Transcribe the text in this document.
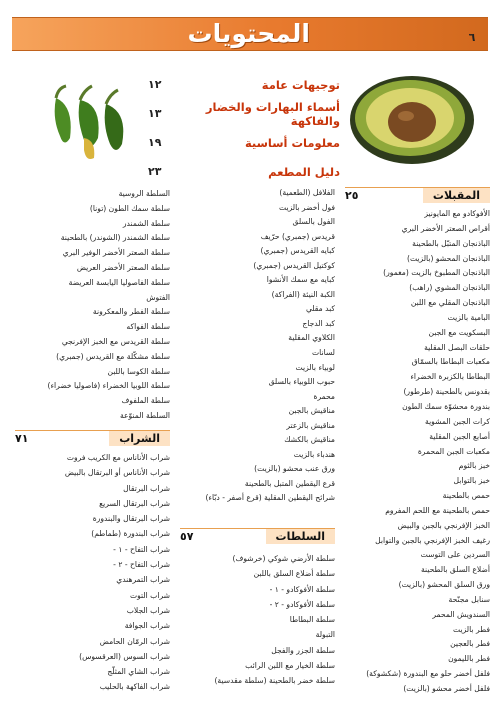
المحتويات	٦
توجيهات عامة
١٢
أسماء البهارات والخضار والفاكهة
١٣
معلومات أساسية
١٩
دليل المطعم
٢٣
المقبلات
٢٥
السلطات
٥٧
الشراب
٧١
الأفوكادو مع المايونيز
أقراص الصعتر الأخضر البري
الباذنجان المتبّل بالطحينة
الباذنجان المحشو (بالزيت)
الباذنجان المطبوخ بالزيت (مغمور)
الباذنجان المشوي (راهب)
الباذنجان المقلي مع اللبن
البامية بالزيت
البسكويت مع الجبن
حلقات البصل المقلية
مكعبات البطاطا بالسمّاق
البطاطا بالكزبرة الخضراء
بقدونس بالطحينة (طرطور)
بندورة محشوّة سمك الطون
كرات الجبن المشوية
أصابع الجبن المقلية
مكعبات الجبن المحمرة
خبز بالثوم
خبز بالتوابل
حمص بالطحينة
حمص بالطحينة مع اللحم المفروم
الخبز الإفرنجي بالجبن والبيض
رغيف الخبز الإفرنجي بالجبن والتوابل
السردين على التوست
أضلاع السلق بالطحينة
ورق السلق المحشو (بالزيت)
سنابل مجنّحة
السندويش المحمر
فطر بالزيت
فطر بالعجين
فطر بالليمون
فلفل أخضر حلو مع البندورة (شكشوكة)
فلفل أخضر محشو (بالزيت)
الفلافل (الطعمية)
فول أخضر بالزيت
الفول بالسلق
قريدس (جمبري) حرّيف
كبايه القريدس (جمبري)
كوكتيل القريدس (جمبري)
كبايه مع سمك الأنشوا
الكبة النيئة (الفراكة)
كبد مقلي
كبد الدجاج
الكلاوي المقلية
لسانات
لوبياء بالزيت
حبوب اللوبياء بالسلق
محمرة
مناقيش بالجبن
مناقيش بالزعتر
مناقيش بالكشك
هندباء بالزيت
ورق عنب محشو (بالزيت)
قرع اليقطين المتبل بالطحينة
شرائح اليقطين المقلية (قرع أصفر - دبّاء)
سلطة الأرضي شوكي (خرشوف)
سلطة أضلاع السلق باللبن
سلطة الأفوكادو - ١ -
سلطة الأفوكادو - ٢ -
سلطة البطاطا
التبولة
سلطة الجزر والفجل
سلطة الخيار مع اللبن الرائب
سلطة خضر بالطحينة (سلطة مقدسية)
السلطة الروسية
سلطة سمك الطون (تونا)
سلطة الشمندر
سلطة الشمندر (الشوندر) بالطحينة
سلطة الصعتر الأخضر الوفير البري
سلطة الصعتر الأخضر العريض
سلطة الفاصوليا اليابسة العريضة
الفتوش
سلطة الفطر والمعكرونة
سلطة الفواكه
سلطة القريدس مع الخبز الإفرنجي
سلطة مشكّلة مع القريدس (جمبري)
سلطة الكوسا باللبن
سلطة اللوبيا الخضراء (فاصوليا خضراء)
سلطة الملفوف
السلطة المنوّعة
شراب الأناناس مع الكريب فروت
شراب الأناناس أو البرتقال بالبيض
شراب البرتقال
شراب البرتقال السريع
شراب البرتقال والبندورة
شراب البندورة (طماطم)
شراب التفاح - ١ -
شراب التفاح - ٢ -
شراب التمرهندي
شراب التوت
شراب الجلاب
شراب الجوافة
شراب الرمّان الحامض
شراب السوس (العرقسوس)
شراب الشاي المثلّج
شراب الفاكهة بالحليب
